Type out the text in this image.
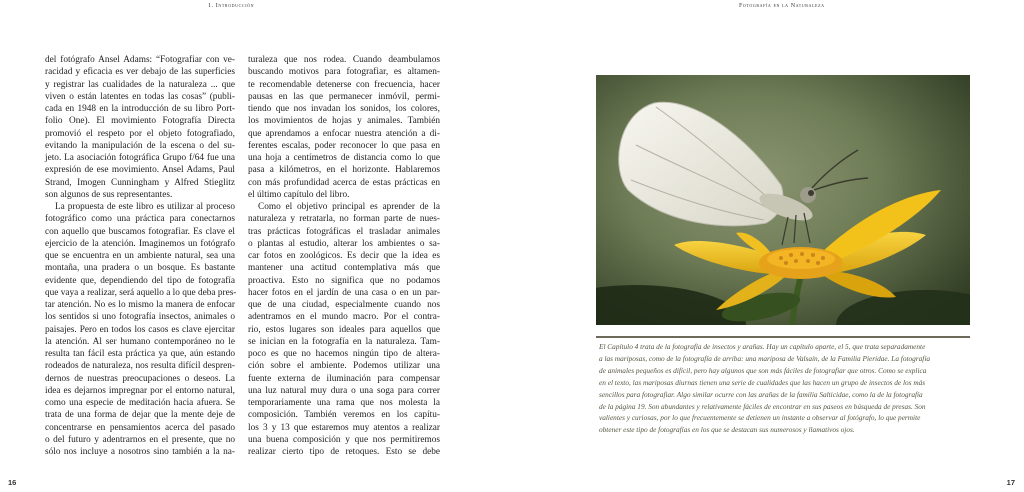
1. Introducción

del fotógrafo Ansel Adams: “Fotografiar con ve-

racidad y eficacia es ver debajo de las superficies

y registrar las cualidades de la naturaleza ... que

viven o están latentes en todas las cosas” (publi-

cada en 1948 en la introducción de su libro Port-

folio One). El movimiento Fotografía Directa

promovió el respeto por el objeto fotografiado,

evitando la manipulación de la escena o del su-

jeto. La asociación fotográfica Grupo f/64 fue una

expresión de ese movimiento. Ansel Adams, Paul

Strand, Imogen Cunningham y Alfred Stieglitz

son algunos de sus representantes.

La propuesta de este libro es utilizar al proceso

fotográfico como una práctica para conectarnos

con aquello que buscamos fotografiar. Es clave el

ejercicio de la atención. Imaginemos un fotógrafo

que se encuentra en un ambiente natural, sea una

montaña, una pradera o un bosque. Es bastante

evidente que, dependiendo del tipo de fotografía

que vaya a realizar, será aquello a lo que deba pres-

tar atención. No es lo mismo la manera de enfocar

los sentidos si uno fotografía insectos, animales o

paisajes. Pero en todos los casos es clave ejercitar

la atención. Al ser humano contemporáneo no le

resulta tan fácil esta práctica ya que, aún estando

rodeados de naturaleza, nos resulta difícil despren-

dernos de nuestras preocupaciones o deseos. La

idea es dejarnos impregnar por el entorno natural,

como una especie de meditación hacia afuera. Se

trata de una forma de dejar que la mente deje de

concentrarse en pensamientos acerca del pasado

o del futuro y adentrarnos en el presente, que no

sólo nos incluye a nosotros sino también a la na-

turaleza que nos rodea. Cuando deambulamos

buscando motivos para fotografiar, es altamen-

te recomendable detenerse con frecuencia, hacer

pausas en las que permanecer inmóvil, permi-

tiendo que nos invadan los sonidos, los colores,

los movimientos de hojas y animales. También

que aprendamos a enfocar nuestra atención a di-

ferentes escalas, poder reconocer lo que pasa en

una hoja a centímetros de distancia como lo que

pasa a kilómetros, en el horizonte. Hablaremos

con más profundidad acerca de estas prácticas en

el último capítulo del libro.

Como el objetivo principal es aprender de la

naturaleza y retratarla, no forman parte de nues-

tras prácticas fotográficas el trasladar animales

o plantas al estudio, alterar los ambientes o sa-

car fotos en zoológicos. Es decir que la idea es

mantener una actitud contemplativa más que

proactiva. Esto no significa que no podamos

hacer fotos en el jardín de una casa o en un par-

que de una ciudad, especialmente cuando nos

adentramos en el mundo macro. Por el contra-

rio, estos lugares son ideales para aquellos que

se inician en la fotografía en la naturaleza. Tam-

poco es que no hacemos ningún tipo de altera-

ción sobre el ambiente. Podemos utilizar una

fuente externa de iluminación para compensar

una luz natural muy dura o una soga para correr

temporariamente una rama que nos molesta la

composición. También veremos en los capítu-

los 3 y 13 que estaremos muy atentos a realizar

una buena composición y que nos permitiremos

realizar cierto tipo de retoques. Esto se debe

16
Fotografía en la Naturaleza

El Capítulo 4 trata de la fotografía de insectos y arañas. Hay un capítulo aparte, el 5, que trata separadamente

a las mariposas, como de la fotografía de arriba: una mariposa de Valsaín, de la Familia Pieridae. La fotografía

de animales pequeños es difícil, pero hay algunos que son más fáciles de fotografiar que otros. Como se explica

en el texto, las mariposas diurnas tienen una serie de cualidades que las hacen un grupo de insectos de los más

sencillos para fotografiar. Algo similar ocurre con las arañas de la familia Salticidae, como la de la fotografía

de la página 19. Son abundantes y relativamente fáciles de encontrar en sus paseos en búsqueda de presas. Son

valientes y curiosas, por lo que frecuentemente se detienen un instante a observar al fotógrafo, lo que permite

obtener este tipo de fotografías en los que se destacan sus numerosos y llamativos ojos.

17
